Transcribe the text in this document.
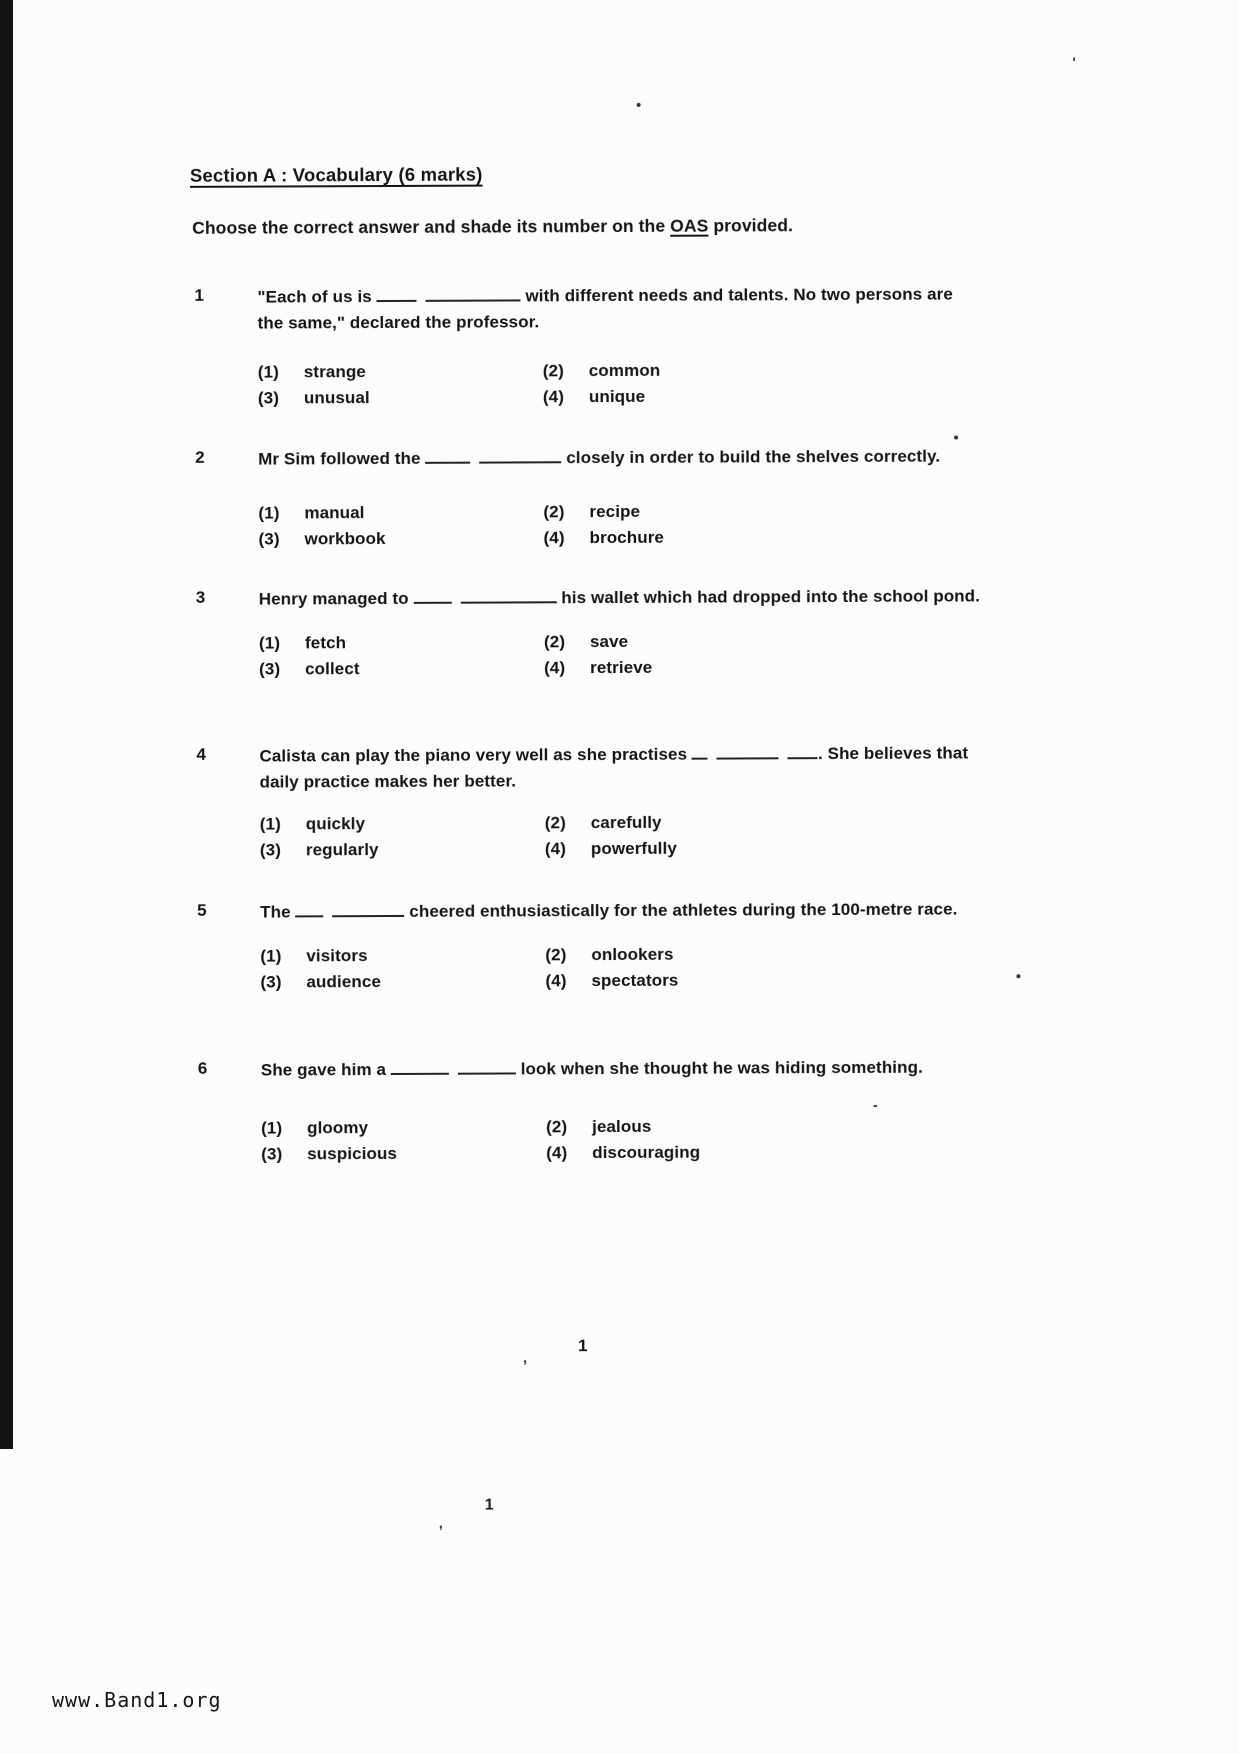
Section A : Vocabulary (6 marks)
Choose the correct answer and shade its number on the OAS provided.
1	"Each of us is	with different needs and talents. No two persons are the same," declared the professor.
(1)	strange	(2)	common
(3)	unusual	(4)	unique
2	Mr Sim followed the	closely in order to build the shelves correctly.
(1)	manual	(2)	recipe
(3)	workbook	(4)	brochure
3	Henry managed to	his wallet which had dropped into the school pond.
(1)	fetch	(2)	save
(3)	collect	(4)	retrieve
4	Calista can play the piano very well as she practises	. She believes that daily practice makes her better.
(1)	quickly	(2)	carefully
(3)	regularly	(4)	powerfully
5	The	cheered enthusiastically for the athletes during the 100-metre race.
(1)	visitors	(2)	onlookers
(3)	audience	(4)	spectators
6	She gave him a	look when she thought he was hiding something.
(1)	gloomy	(2)	jealous
(3)	suspicious	(4)	discouraging
1
'
-
,
1
,
www.Band1.org
